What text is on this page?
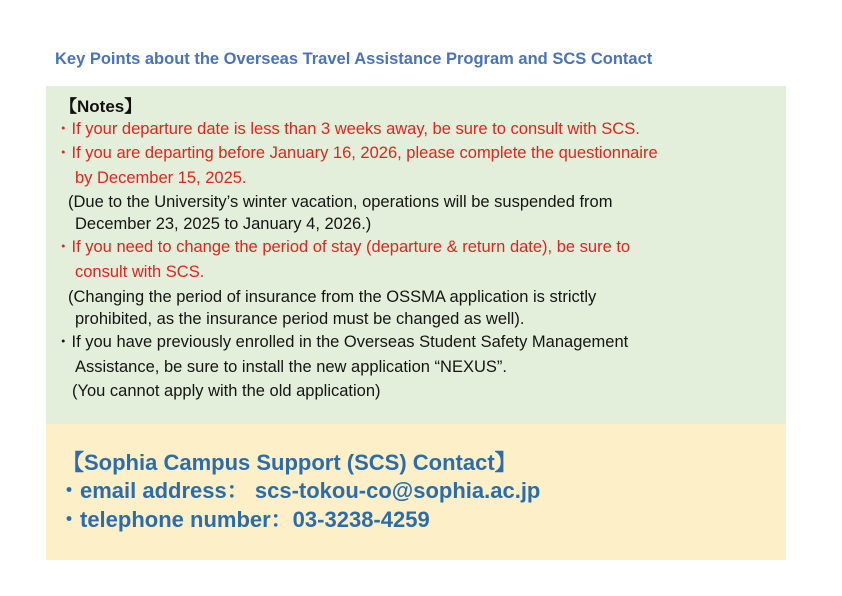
Key Points about the Overseas Travel Assistance Program and SCS Contact
【Notes】
・If your departure date is less than 3 weeks away, be sure to consult with SCS.
・If you are departing before January 16, 2026, please complete the questionnaire
by December 15, 2025.
(Due to the University’s winter vacation, operations will be suspended from
December 23, 2025 to January 4, 2026.)
・If you need to change the period of stay (departure & return date), be sure to
consult with SCS.
(Changing the period of insurance from the OSSMA application is strictly
prohibited, as the insurance period must be changed as well).
・If you have previously enrolled in the Overseas Student Safety Management
Assistance, be sure to install the new application “NEXUS”.
(You cannot apply with the old application)
【Sophia Campus Support (SCS) Contact】
・email address： scs-tokou-co@sophia.ac.jp
・telephone number：03-3238-4259
